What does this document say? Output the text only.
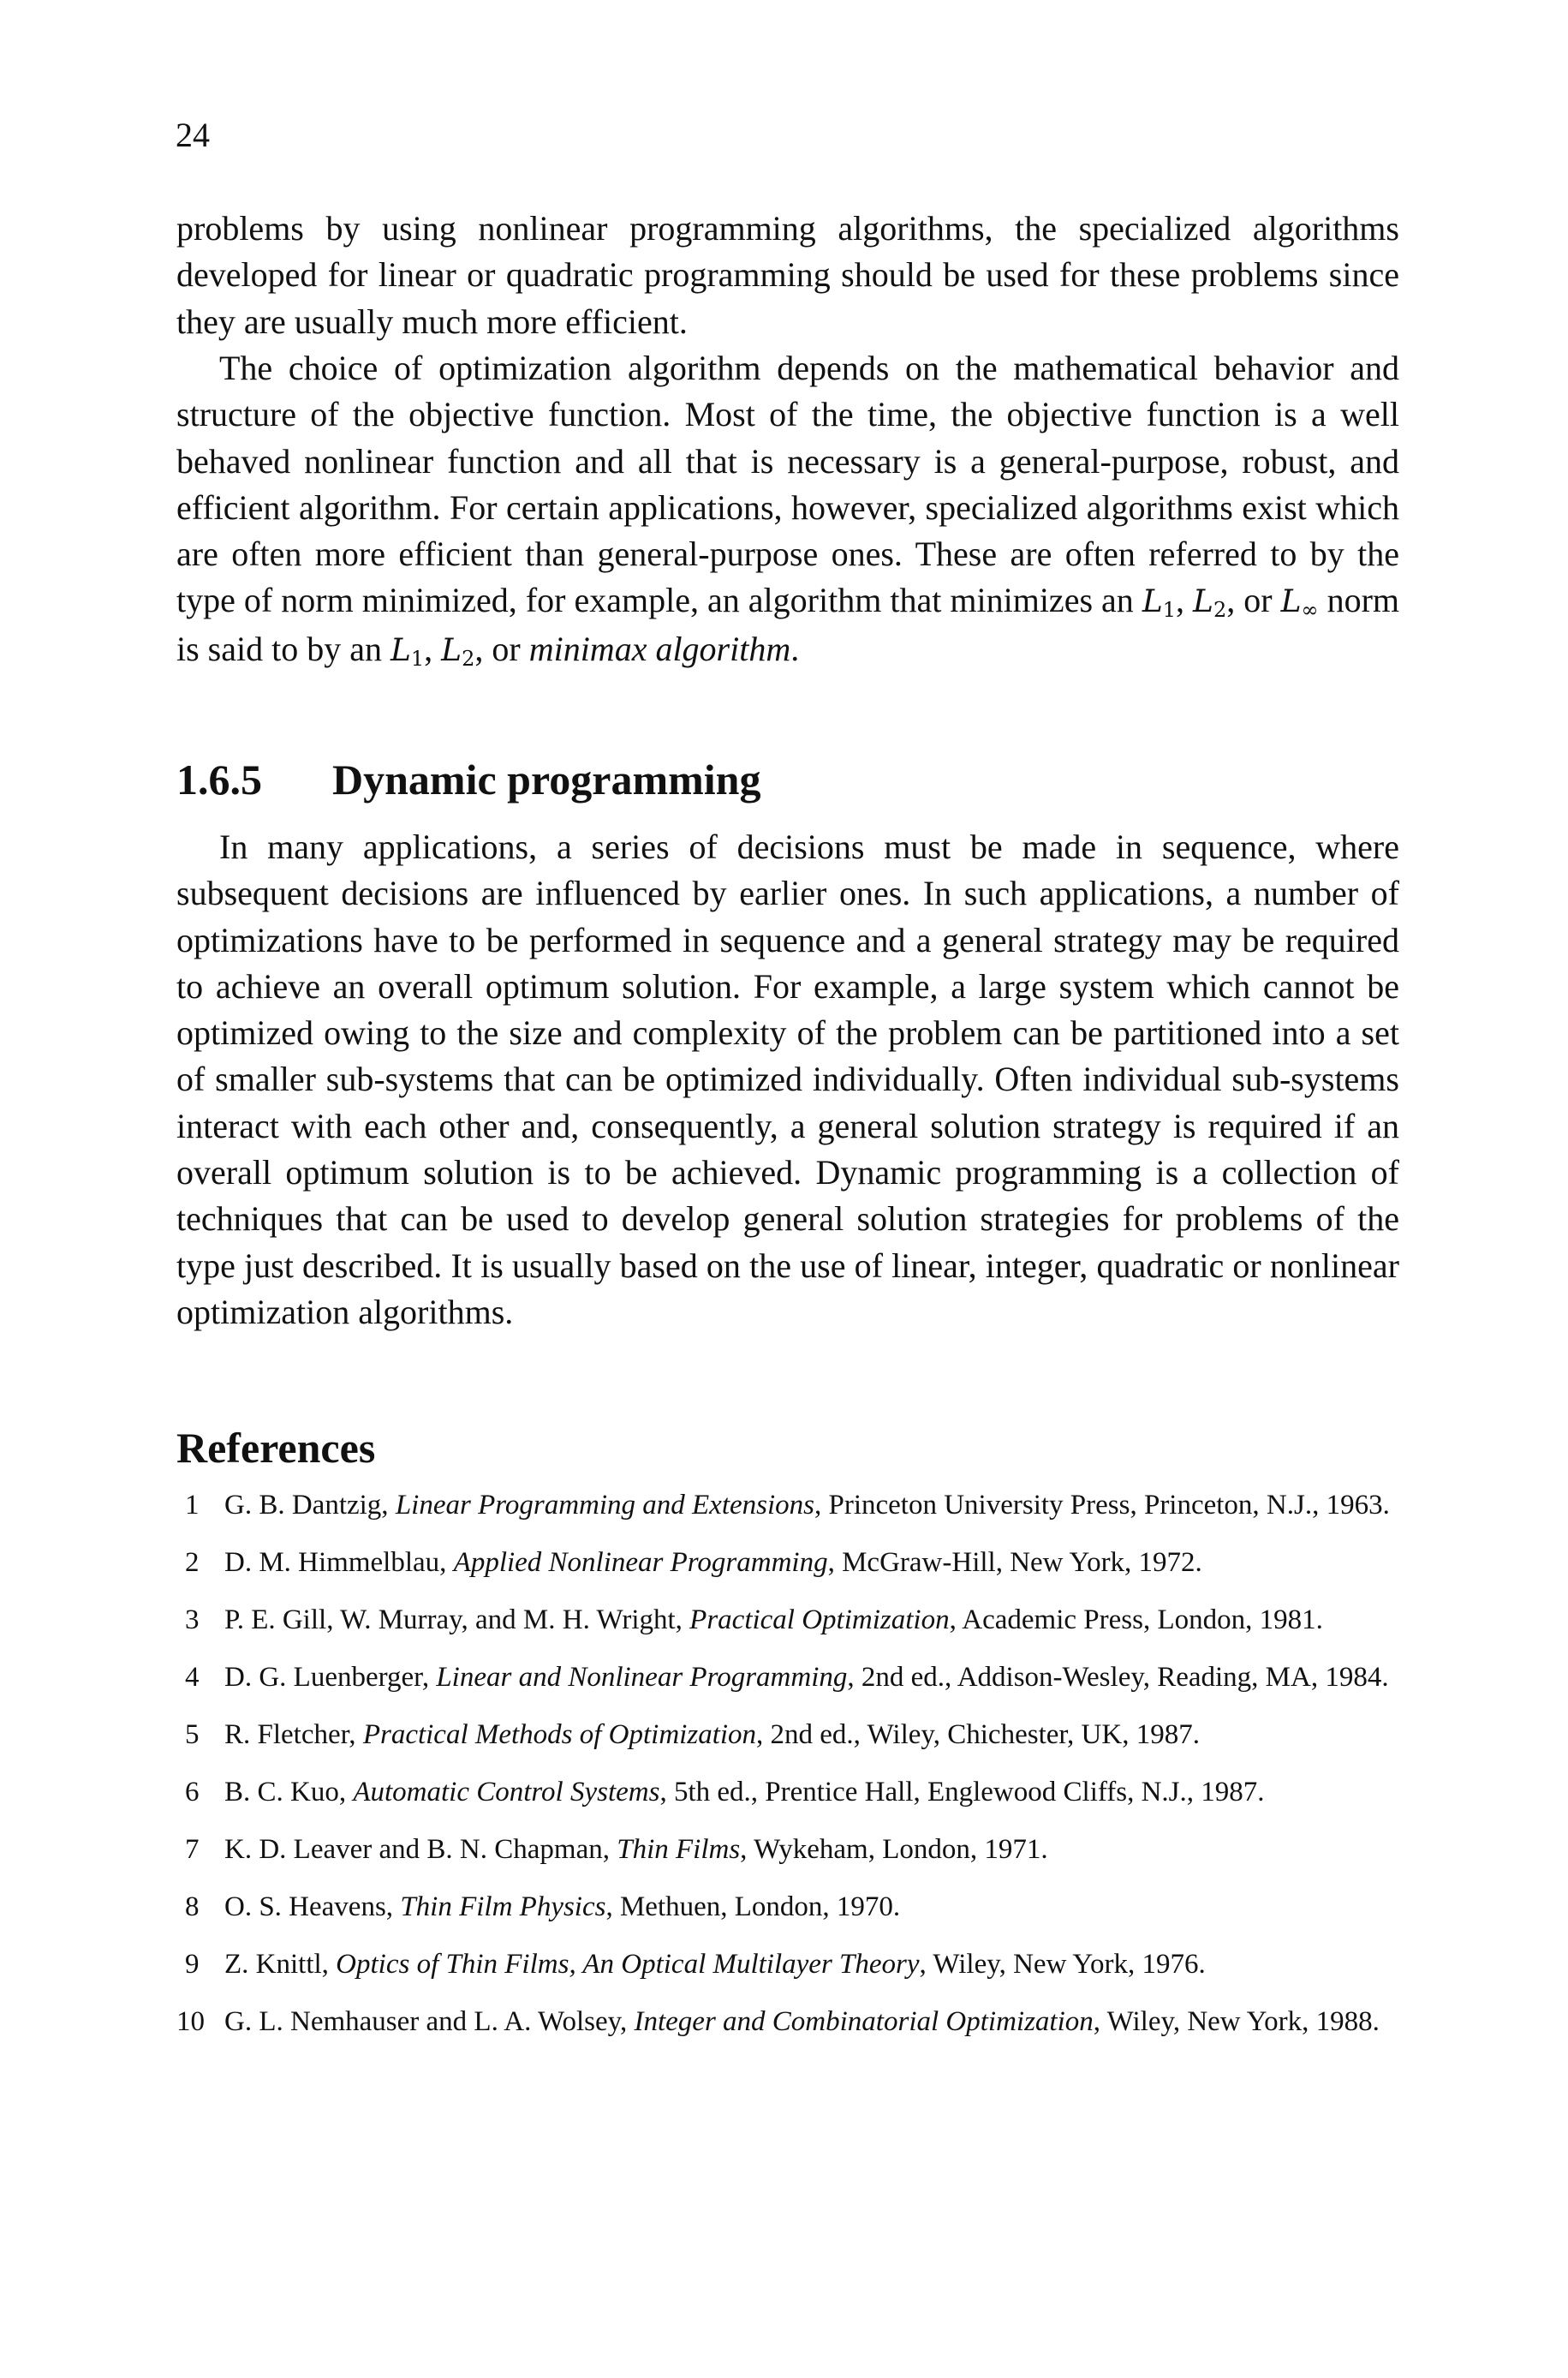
24

problems by using nonlinear programming algorithms, the specialized algorithms developed for linear or quadratic programming should be used for these problems since they are usually much more efficient.

The choice of optimization algorithm depends on the mathematical behavior and structure of the objective function. Most of the time, the objective function is a well behaved nonlinear function and all that is necessary is a general-purpose, robust, and efficient algorithm. For certain applications, however, specialized algorithms exist which are often more efficient than general-purpose ones. These are often referred to by the type of norm minimized, for example, an algorithm that minimizes an $L_1$, $L_2$, or $L_\infty$ norm is said to by an $L_1$, $L_2$, or minimax algorithm.

1.6.5 Dynamic programming

In many applications, a series of decisions must be made in sequence, where subsequent decisions are influenced by earlier ones. In such applications, a number of optimizations have to be performed in sequence and a general strategy may be required to achieve an overall optimum solution. For example, a large system which cannot be optimized owing to the size and complexity of the problem can be partitioned into a set of smaller sub-systems that can be optimized individually. Often individual sub-systems interact with each other and, consequently, a general solution strategy is required if an overall optimum solution is to be achieved. Dynamic programming is a collection of techniques that can be used to develop general solution strategies for problems of the type just described. It is usually based on the use of linear, integer, quadratic or nonlinear optimization algorithms.

References
1 G. B. Dantzig, Linear Programming and Extensions, Princeton University Press, Princeton, N.J., 1963.
2 D. M. Himmelblau, Applied Nonlinear Programming, McGraw-Hill, New York, 1972.
3 P. E. Gill, W. Murray, and M. H. Wright, Practical Optimization, Academic Press, London, 1981.
4 D. G. Luenberger, Linear and Nonlinear Programming, 2nd ed., Addison-Wesley, Reading, MA, 1984.
5 R. Fletcher, Practical Methods of Optimization, 2nd ed., Wiley, Chichester, UK, 1987.
6 B. C. Kuo, Automatic Control Systems, 5th ed., Prentice Hall, Englewood Cliffs, N.J., 1987.
7 K. D. Leaver and B. N. Chapman, Thin Films, Wykeham, London, 1971.
8 O. S. Heavens, Thin Film Physics, Methuen, London, 1970.
9 Z. Knittl, Optics of Thin Films, An Optical Multilayer Theory, Wiley, New York, 1976.
10 G. L. Nemhauser and L. A. Wolsey, Integer and Combinatorial Optimization, Wiley, New York, 1988.
